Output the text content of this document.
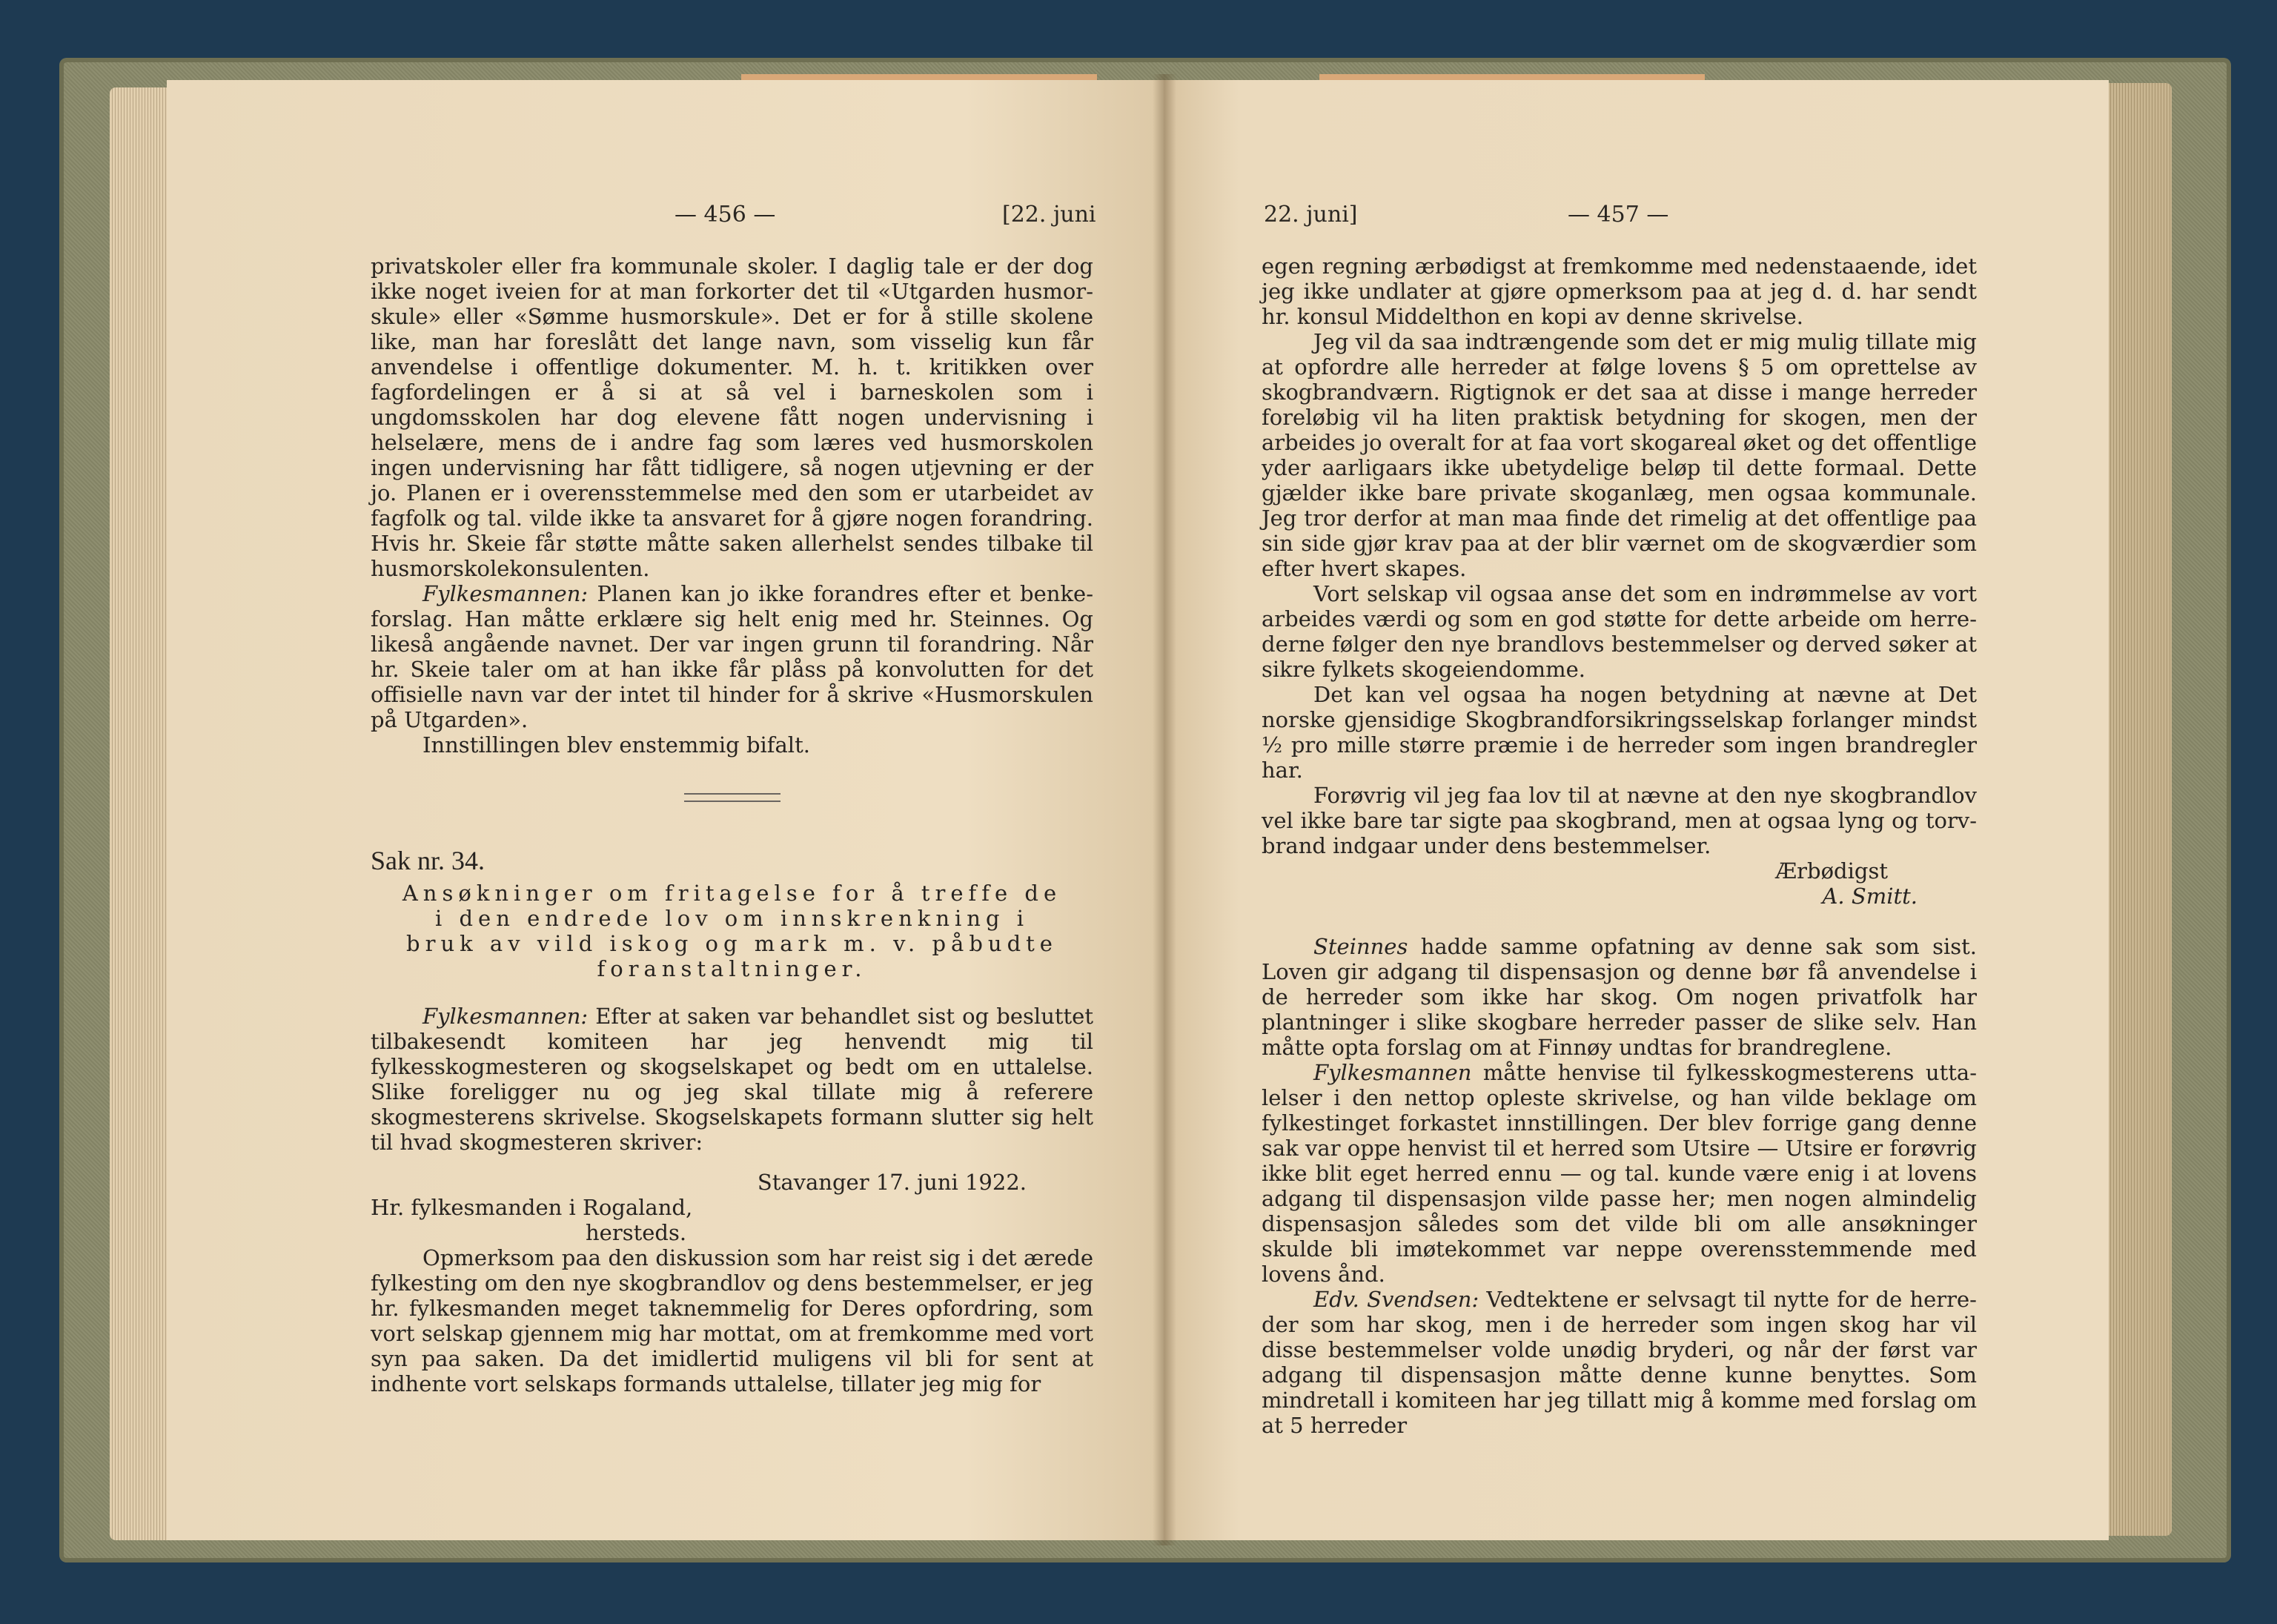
— 456 —	[22. juni

privatskoler eller fra kommunale skoler. I daglig tale er der dog ikke noget iveien for at man forkorter det til «Utgarden husmorskule» eller «Sømme husmorskule». Det er for å stille skolene like, man har foreslått det lange navn, som visselig kun får anvendelse i offentlige dokumenter. M. h. t. kritikken over fagfordelingen er å si at så vel i barneskolen som i ungdomsskolen har dog elevene fått nogen undervisning i helselære, mens de i andre fag som læres ved husmorskolen ingen undervisning har fått tidligere, så nogen utjevning er der jo. Planen er i overensstemmelse med den som er utarbeidet av fagfolk og tal. vilde ikke ta ansvaret for å gjøre nogen forandring. Hvis hr. Skeie får støtte måtte saken allerhelst sendes tilbake til husmorskolekonsulenten.

Fylkesmannen: Planen kan jo ikke forandres efter et benkeforslag. Han måtte erklære sig helt enig med hr. Steinnes. Og likeså angående navnet. Der var ingen grunn til forandring. Når hr. Skeie taler om at han ikke får plåss på konvolutten for det offisielle navn var der intet til hinder for å skrive «Husmorskulen på Utgarden».

Innstillingen blev enstemmig bifalt.

Sak nr. 34.

Ansøkninger om fritagelse for å treffe de i den endrede lov om innskrenkning i bruk av vild iskog og mark m. v. påbudte foranstaltninger.

Fylkesmannen: Efter at saken var behandlet sist og besluttet tilbakesendt komiteen har jeg henvendt mig til fylkesskogmesteren og skogselskapet og bedt om en uttalelse. Slike foreligger nu og jeg skal tillate mig å referere skogmesterens skrivelse. Skogselskapets formann slutter sig helt til hvad skogmesteren skriver:

Stavanger 17. juni 1922.

Hr. fylkesmanden i Rogaland,

hersteds.

Opmerksom paa den diskussion som har reist sig i det ærede fylkesting om den nye skogbrandlov og dens bestemmelser, er jeg hr. fylkesmanden meget taknemmelig for Deres opfordring, som vort selskap gjennem mig har mottat, om at fremkomme med vort syn paa saken. Da det imidlertid muligens vil bli for sent at indhente vort selskaps formands uttalelse, tillater jeg mig for

22. juni]	— 457 —

egen regning ærbødigst at fremkomme med nedenstaaende, idet jeg ikke undlater at gjøre opmerksom paa at jeg d. d. har sendt hr. konsul Middelthon en kopi av denne skrivelse.

Jeg vil da saa indtrængende som det er mig mulig tillate mig at opfordre alle herreder at følge lovens § 5 om oprettelse av skogbrandværn. Rigtignok er det saa at disse i mange herreder foreløbig vil ha liten praktisk betydning for skogen, men der arbeides jo overalt for at faa vort skogareal øket og det offentlige yder aarligaars ikke ubetydelige beløp til dette formaal. Dette gjælder ikke bare private skoganlæg, men ogsaa kommunale. Jeg tror derfor at man maa finde det rimelig at det offentlige paa sin side gjør krav paa at der blir værnet om de skogværdier som efter hvert skapes.

Vort selskap vil ogsaa anse det som en indrømmelse av vort arbeides værdi og som en god støtte for dette arbeide om herrederne følger den nye brandlovs bestemmelser og derved søker at sikre fylkets skogeiendomme.

Det kan vel ogsaa ha nogen betydning at nævne at Det norske gjensidige Skogbrandforsikringsselskap forlanger mindst ½ pro mille større præmie i de herreder som ingen brandregler har.

Forøvrig vil jeg faa lov til at nævne at den nye skogbrandlov vel ikke bare tar sigte paa skogbrand, men at ogsaa lyng og torvbrand indgaar under dens bestemmelser.

Ærbødigst

A. Smitt.

Steinnes hadde samme opfatning av denne sak som sist. Loven gir adgang til dispensasjon og denne bør få anvendelse i de herreder som ikke har skog. Om nogen privatfolk har plantninger i slike skogbare herreder passer de slike selv. Han måtte opta forslag om at Finnøy undtas for brandreglene.

Fylkesmannen måtte henvise til fylkesskogmesterens uttalelser i den nettop opleste skrivelse, og han vilde beklage om fylkestinget forkastet innstillingen. Der blev forrige gang denne sak var oppe henvist til et herred som Utsire — Utsire er forøvrig ikke blit eget herred ennu — og tal. kunde være enig i at lovens adgang til dispensasjon vilde passe her; men nogen almindelig dispensasjon således som det vilde bli om alle ansøkninger skulde bli imøtekommet var neppe overensstemmende med lovens ånd.

Edv. Svendsen: Vedtektene er selvsagt til nytte for de herreder som har skog, men i de herreder som ingen skog har vil disse bestemmelser volde unødig bryderi, og når der først var adgang til dispensasjon måtte denne kunne benyttes. Som mindretall i komiteen har jeg tillatt mig å komme med forslag om at 5 herreder
